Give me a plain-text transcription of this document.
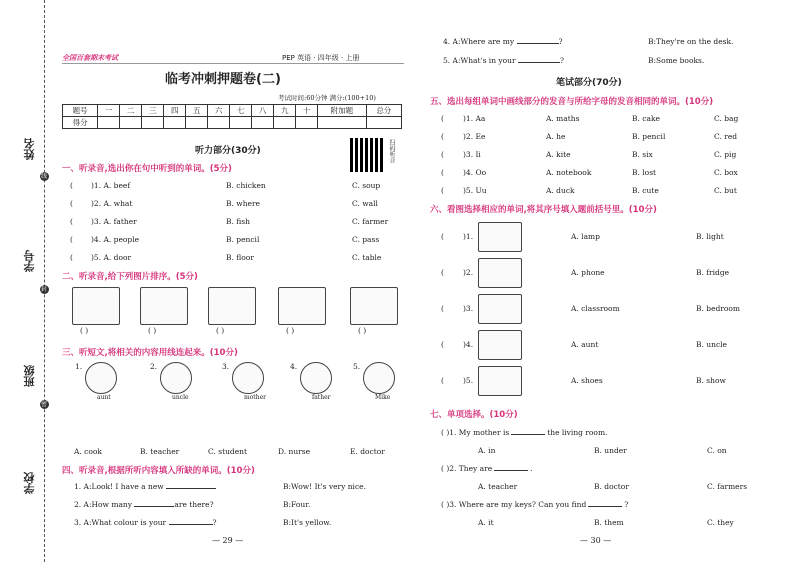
姓名
学号
班级
学校
线
封
密
全国百套期末考试	PEP 英语 · 四年级 · 上册
临考冲刺押题卷(二)
考试时间:60分钟 满分:(100+10)
题号	一	二	三	四	五	六	七	八	九	十	附加题	总分
得分												
扫码听音
听力部分(30分)
一、听录音,选出你在句中听到的单词。(5分)
( )1. A. beef	B. chicken	C. soup
( )2. A. what	B. where	C. wall
( )3. A. father	B. fish	C. farmer
( )4. A. people	B. pencil	C. pass
( )5. A. door	B. floor	C. table
二、听录音,给下列图片排序。(5分)
( )	( )	( )	( )	( )
三、听短文,将相关的内容用线连起来。(10分)
1.
aunt
2.
uncle
3.
mother
4.
father
5.
Mike
A. cook	B. teacher	C. student	D. nurse	E. doctor
四、听录音,根据所听内容填入所缺的单词。(10分)
1. A:Look! I have a new	B:Wow! It's very nice.
2. A:How many	are there?	B:Four.
3. A:What colour is your	?	B:It's yellow.
— 29 —
4. A:Where are my	?	B:They're on the desk.
5. A:What's in your	?	B:Some books.
笔试部分(70分)
五、选出每组单词中画线部分的发音与所给字母的发音相同的单词。(10分)
(	)1. Aa	A. maths	B. cake	C. bag
(	)2. Ee	A. he	B. pencil	C. red
(	)3. Ii	A. kite	B. six	C. pig
(	)4. Oo	A. notebook	B. lost	C. box
(	)5. Uu	A. duck	B. cute	C. but
六、看图选择相应的单词,将其序号填入题前括号里。(10分)
(	)1.	A. lamp	B. light
(	)2.	A. phone	B. fridge
(	)3.	A. classroom	B. bedroom
(	)4.	A. aunt	B. uncle
(	)5.	A. shoes	B. show
七、单项选择。(10分)
( )1. My mother is	the living room.
A. in	B. under	C. on
( )2. They are	.
A. teacher	B. doctor	C. farmers
( )3. Where are my keys? Can you find	?
A. it	B. them	C. they
— 30 —
